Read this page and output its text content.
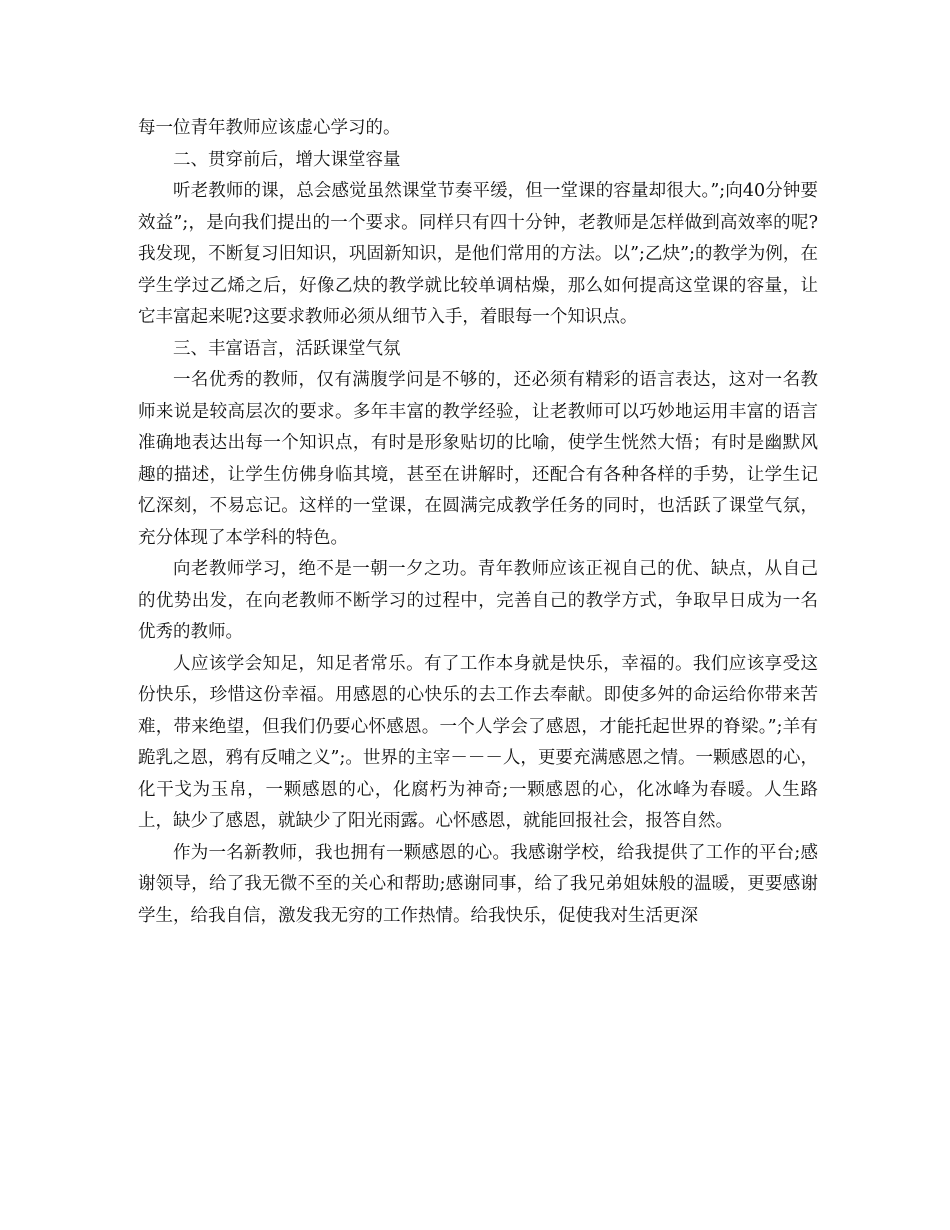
每一位青年教师应该虚心学习的。

二、贯穿前后，增大课堂容量

听老教师的课，总会感觉虽然课堂节奏平缓，但一堂课的容量却很大。”;向40分钟要效益”;，是向我们提出的一个要求。同样只有四十分钟，老教师是怎样做到高效率的呢?我发现，不断复习旧知识，巩固新知识，是他们常用的方法。以”;乙炔”;的教学为例，在学生学过乙烯之后，好像乙炔的教学就比较单调枯燥，那么如何提高这堂课的容量，让它丰富起来呢?这要求教师必须从细节入手，着眼每一个知识点。

三、丰富语言，活跃课堂气氛

一名优秀的教师，仅有满腹学问是不够的，还必须有精彩的语言表达，这对一名教师来说是较高层次的要求。多年丰富的教学经验，让老教师可以巧妙地运用丰富的语言准确地表达出每一个知识点，有时是形象贴切的比喻，使学生恍然大悟；有时是幽默风趣的描述，让学生仿佛身临其境，甚至在讲解时，还配合有各种各样的手势，让学生记忆深刻，不易忘记。这样的一堂课，在圆满完成教学任务的同时，也活跃了课堂气氛，充分体现了本学科的特色。

向老教师学习，绝不是一朝一夕之功。青年教师应该正视自己的优、缺点，从自己的优势出发，在向老教师不断学习的过程中，完善自己的教学方式，争取早日成为一名优秀的教师。

人应该学会知足，知足者常乐。有了工作本身就是快乐，幸福的。我们应该享受这份快乐，珍惜这份幸福。用感恩的心快乐的去工作去奉献。即使多舛的命运给你带来苦难，带来绝望，但我们仍要心怀感恩。一个人学会了感恩，才能托起世界的脊梁。”;羊有跪乳之恩，鸦有反哺之义”;。世界的主宰－－－人，更要充满感恩之情。一颗感恩的心，化干戈为玉帛，一颗感恩的心，化腐朽为神奇;一颗感恩的心，化冰峰为春暖。人生路上，缺少了感恩，就缺少了阳光雨露。心怀感恩，就能回报社会，报答自然。

作为一名新教师，我也拥有一颗感恩的心。我感谢学校，给我提供了工作的平台;感谢领导，给了我无微不至的关心和帮助;感谢同事，给了我兄弟姐妹般的温暖，更要感谢学生，给我自信，激发我无穷的工作热情。给我快乐，促使我对生活更深
